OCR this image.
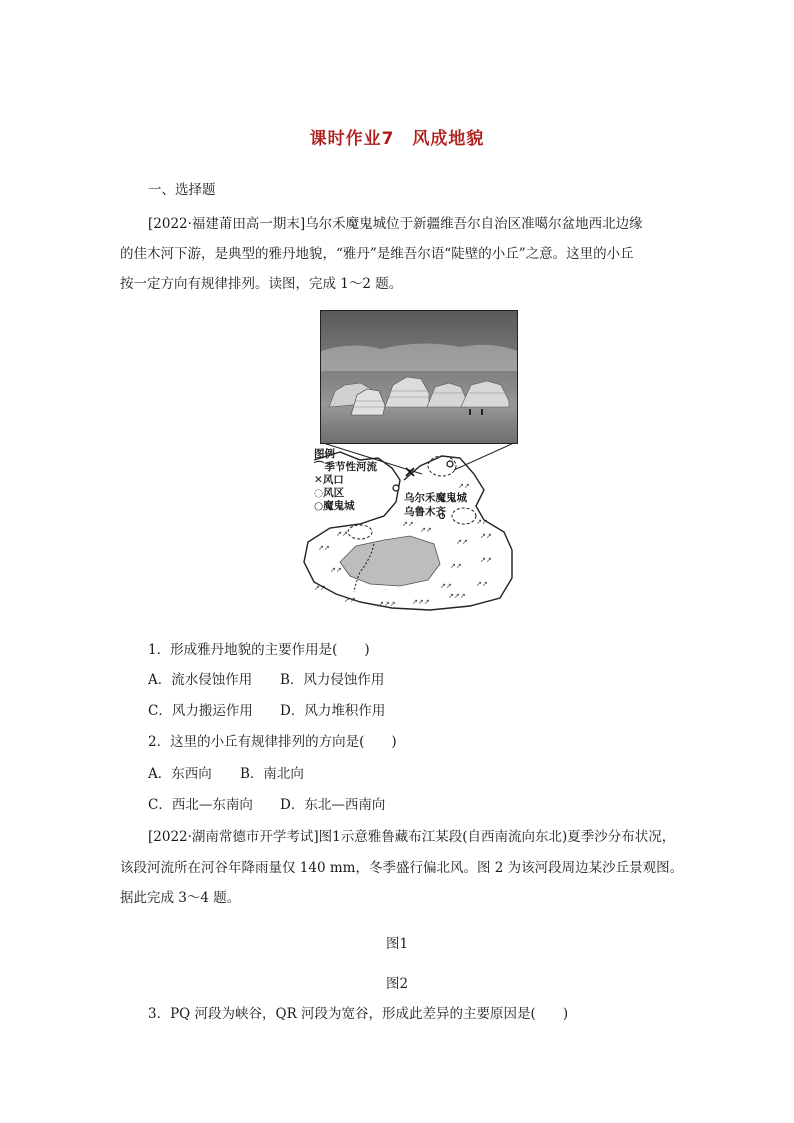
课时作业7　风成地貌
一、选择题
[2022·福建莆田高一期末]乌尔禾魔鬼城位于新疆维吾尔自治区准噶尔盆地西北边缘
的佳木河下游，是典型的雅丹地貌，“雅丹”是维吾尔语“陡壁的小丘”之意。这里的小丘
按一定方向有规律排列。读图，完成 1～2 题。
↗↗
↗↗
↗↗
↗↗	↗↗↗ ↗↗↗
↗↗↗
↗↗
↗↗
↗↗
↗↗
↗↗
↗↗
↗↗
↗↗
↗↗
↗↗
↗↗
图例
⌒季节性河流
✕风口
◌风区
○魔鬼城
乌尔禾魔鬼城
乌鲁木齐
1．形成雅丹地貌的主要作用是(　　)
A．流水侵蚀作用 B．风力侵蚀作用
C．风力搬运作用 D．风力堆积作用
2．这里的小丘有规律排列的方向是(　　)
A．东西向 B．南北向
C．西北—东南向 D．东北—西南向
[2022·湖南常德市开学考试]图1示意雅鲁藏布江某段(自西南流向东北)夏季沙分布状况，
该段河流所在河谷年降雨量仅 140 mm，冬季盛行偏北风。图 2 为该河段周边某沙丘景观图。
据此完成 3～4 题。
图1
图2
3．PQ 河段为峡谷，QR 河段为宽谷，形成此差异的主要原因是(　　)
